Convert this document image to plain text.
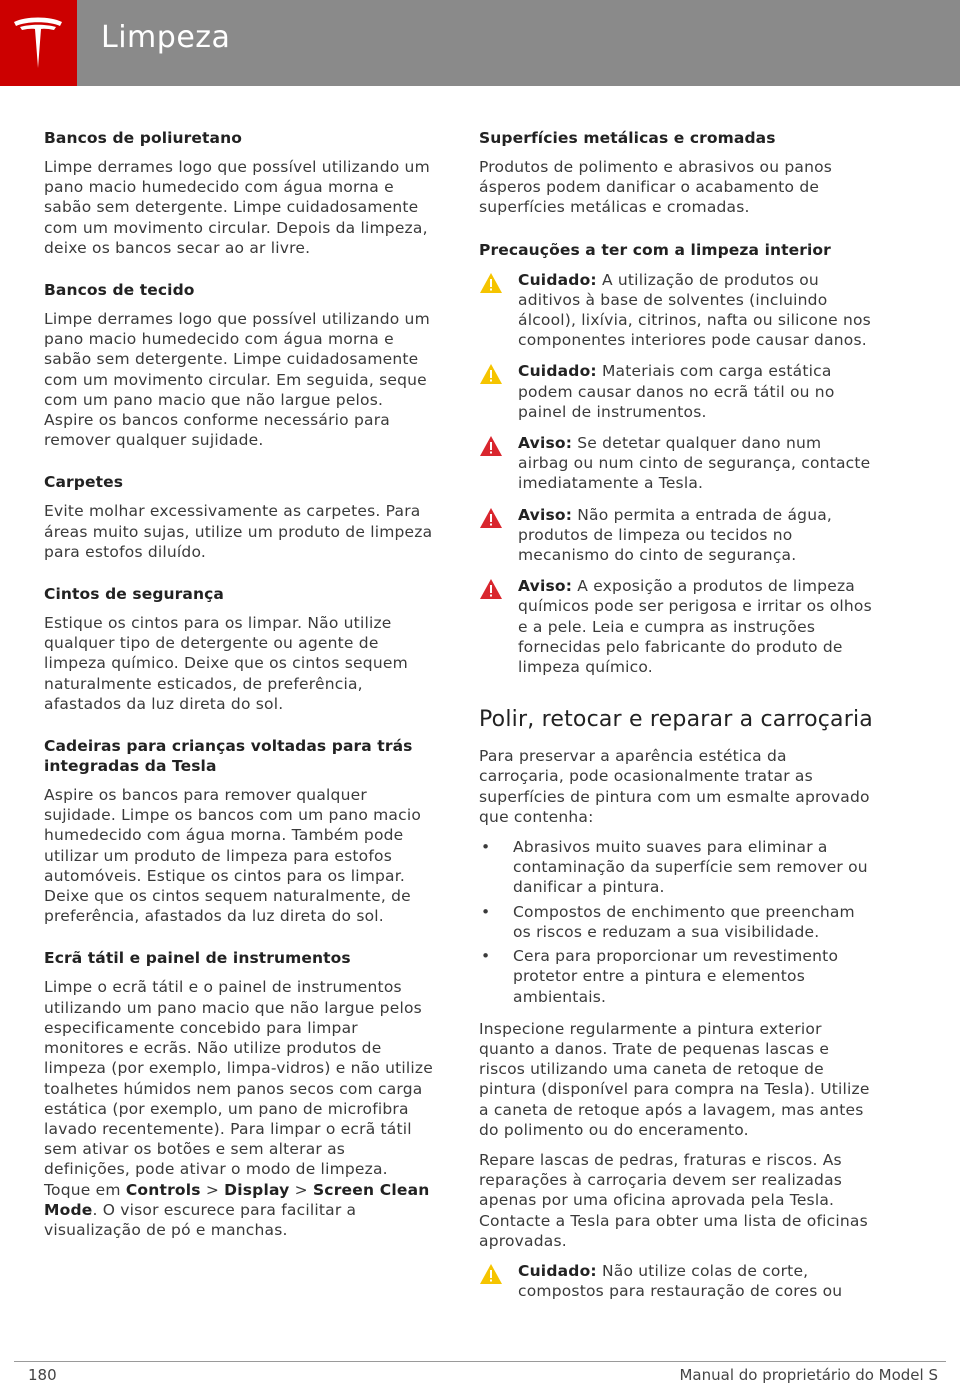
Limpeza
Bancos de poliuretano
Limpe derrames logo que possível utilizando um pano macio humedecido com água morna e sabão sem detergente. Limpe cuidadosamente com um movimento circular. Depois da limpeza, deixe os bancos secar ao ar livre.
Bancos de tecido
Limpe derrames logo que possível utilizando um pano macio humedecido com água morna e sabão sem detergente. Limpe cuidadosamente com um movimento circular. Em seguida, seque com um pano macio que não largue pelos. Aspire os bancos conforme necessário para remover qualquer sujidade.
Carpetes
Evite molhar excessivamente as carpetes. Para áreas muito sujas, utilize um produto de limpeza para estofos diluído.
Cintos de segurança
Estique os cintos para os limpar. Não utilize qualquer tipo de detergente ou agente de limpeza químico. Deixe que os cintos sequem naturalmente esticados, de preferência, afastados da luz direta do sol.
Cadeiras para crianças voltadas para trás integradas da Tesla
Aspire os bancos para remover qualquer sujidade. Limpe os bancos com um pano macio humedecido com água morna. Também pode utilizar um produto de limpeza para estofos automóveis. Estique os cintos para os limpar. Deixe que os cintos sequem naturalmente, de preferência, afastados da luz direta do sol.
Ecrã tátil e painel de instrumentos
Limpe o ecrã tátil e o painel de instrumentos utilizando um pano macio que não largue pelos especificamente concebido para limpar monitores e ecrãs. Não utilize produtos de limpeza (por exemplo, limpa-vidros) e não utilize toalhetes húmidos nem panos secos com carga estática (por exemplo, um pano de microfibra lavado recentemente). Para limpar o ecrã tátil sem ativar os botões e sem alterar as definições, pode ativar o modo de limpeza. Toque em Controls > Display > Screen Clean Mode. O visor escurece para facilitar a visualização de pó e manchas.
Superfícies metálicas e cromadas
Produtos de polimento e abrasivos ou panos ásperos podem danificar o acabamento de superfícies metálicas e cromadas.
Precauções a ter com a limpeza interior
Cuidado: A utilização de produtos ou aditivos à base de solventes (incluindo álcool), lixívia, citrinos, nafta ou silicone nos componentes interiores pode causar danos.
Cuidado: Materiais com carga estática podem causar danos no ecrã tátil ou no painel de instrumentos.
Aviso: Se detetar qualquer dano num airbag ou num cinto de segurança, contacte imediatamente a Tesla.
Aviso: Não permita a entrada de água, produtos de limpeza ou tecidos no mecanismo do cinto de segurança.
Aviso: A exposição a produtos de limpeza químicos pode ser perigosa e irritar os olhos e a pele. Leia e cumpra as instruções fornecidas pelo fabricante do produto de limpeza químico.
Polir, retocar e reparar a carroçaria
Para preservar a aparência estética da carroçaria, pode ocasionalmente tratar as superfícies de pintura com um esmalte aprovado que contenha:
• Abrasivos muito suaves para eliminar a contaminação da superfície sem remover ou danificar a pintura.
• Compostos de enchimento que preencham os riscos e reduzam a sua visibilidade.
• Cera para proporcionar um revestimento protetor entre a pintura e elementos ambientais.
Inspecione regularmente a pintura exterior quanto a danos. Trate de pequenas lascas e riscos utilizando uma caneta de retoque de pintura (disponível para compra na Tesla). Utilize a caneta de retoque após a lavagem, mas antes do polimento ou do enceramento.
Repare lascas de pedras, fraturas e riscos. As reparações à carroçaria devem ser realizadas apenas por uma oficina aprovada pela Tesla. Contacte a Tesla para obter uma lista de oficinas aprovadas.
Cuidado: Não utilize colas de corte, compostos para restauração de cores ou
180	Manual do proprietário do Model S
